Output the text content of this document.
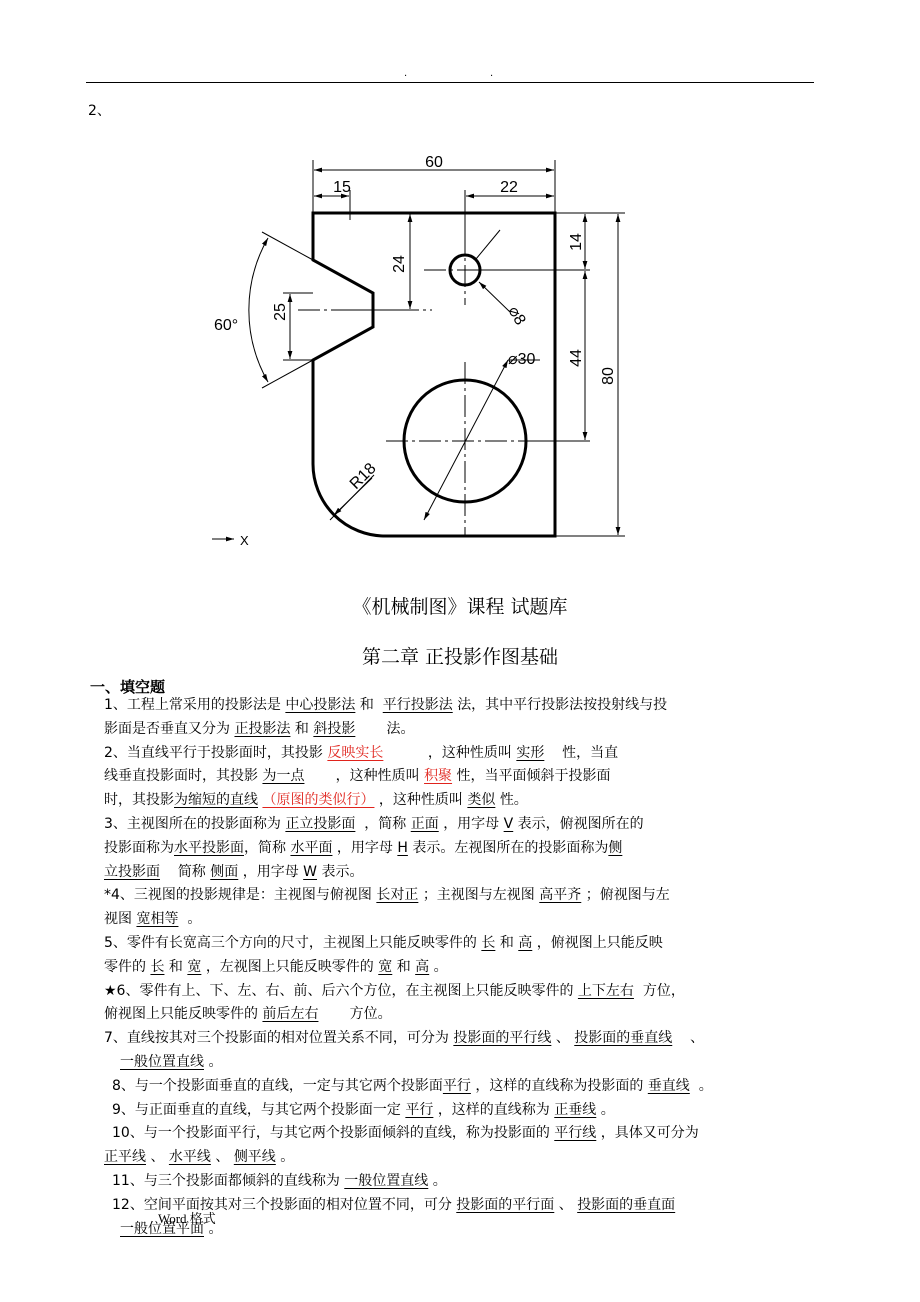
.	.
2、
60
15	22
14
44
80
24
25
60°	⌀8
⌀30
R18
X
《机械制图》课程 试题库
第二章 正投影作图基础
一、填空题

1、工程上常采用的投影法是 中心投影法 和 平行投影法 法，其中平行投影法按投射线与投

影面是否垂直又分为 正投影法 和 斜投影 法。

2、当直线平行于投影面时，其投影 反映实长	，这种性质叫 实形 性，当直

线垂直投影面时，其投影 为一点 ，这种性质叫 积聚 性，当平面倾斜于投影面

时，其投影为缩短的直线 （原图的类似行） ，这种性质叫 类似 性。

3、主视图所在的投影面称为 正立投影面 ，简称 正面 ，用字母 V 表示，俯视图所在的

投影面称为水平投影面，简称 水平面 ，用字母 H 表示。左视图所在的投影面称为侧

立投影面 简称 侧面 ，用字母 W 表示。

*4、三视图的投影规律是：主视图与俯视图 长对正 ；主视图与左视图 高平齐 ；俯视图与左

视图 宽相等 。

5、零件有长宽高三个方向的尺寸，主视图上只能反映零件的 长 和 高 ，俯视图上只能反映

零件的 长 和 宽 ，左视图上只能反映零件的 宽 和 高 。

★6、零件有上、下、左、右、前、后六个方位，在主视图上只能反映零件的 上下左右 方位，

俯视图上只能反映零件的 前后左右 方位。

7、直线按其对三个投影面的相对位置关系不同，可分为 投影面的平行线 、 投影面的垂直线 、

一般位置直线 。

8、与一个投影面垂直的直线，一定与其它两个投影面平行 ，这样的直线称为投影面的 垂直线 。

9、与正面垂直的直线，与其它两个投影面一定 平行 ，这样的直线称为 正垂线 。

10、与一个投影面平行，与其它两个投影面倾斜的直线，称为投影面的 平行线 ，具体又可分为

正平线 、 水平线 、 侧平线 。

11、与三个投影面都倾斜的直线称为 一般位置直线 。

12、空间平面按其对三个投影面的相对位置不同，可分 投影面的平行面 、 投影面的垂直面

一般位置平面 。

Word 格式
